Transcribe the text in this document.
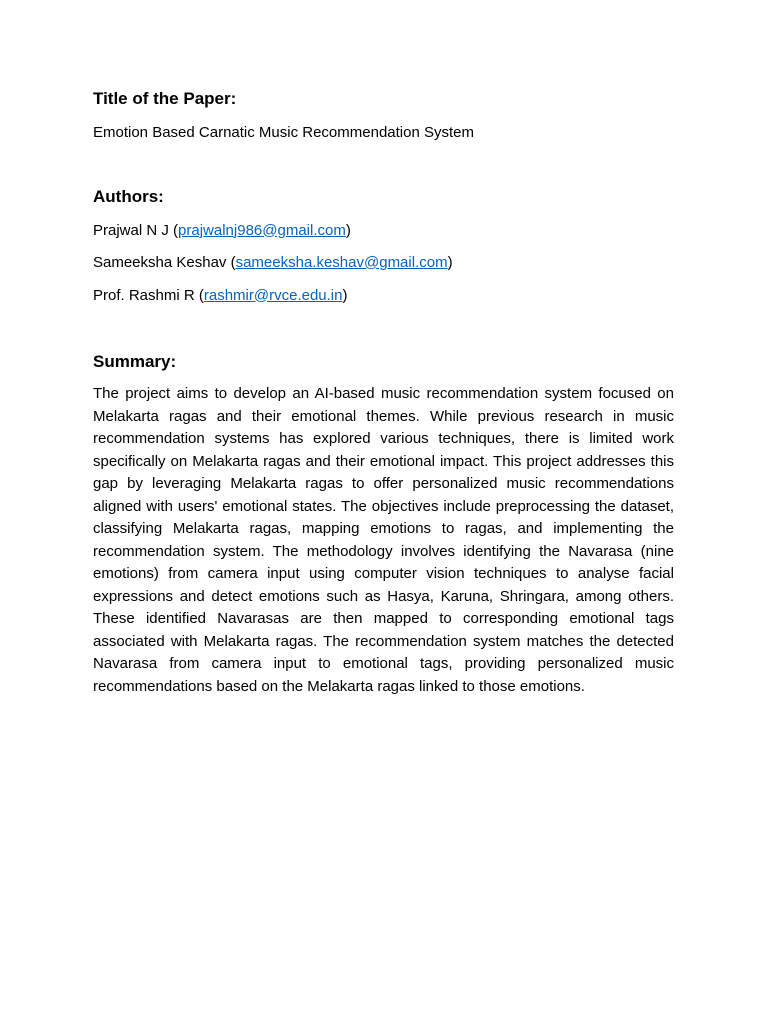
Title of the Paper:

Emotion Based Carnatic Music Recommendation System

Authors:

Prajwal N J (prajwalnj986@gmail.com)

Sameeksha Keshav (sameeksha.keshav@gmail.com)

Prof. Rashmi R (rashmir@rvce.edu.in)

Summary:

The project aims to develop an AI-based music recommendation system focused on Melakarta ragas and their emotional themes. While previous research in music recommendation systems has explored various techniques, there is limited work specifically on Melakarta ragas and their emotional impact. This project addresses this gap by leveraging Melakarta ragas to offer personalized music recommendations aligned with users' emotional states. The objectives include preprocessing the dataset, classifying Melakarta ragas, mapping emotions to ragas, and implementing the recommendation system. The methodology involves identifying the Navarasa (nine emotions) from camera input using computer vision techniques to analyse facial expressions and detect emotions such as Hasya, Karuna, Shringara, among others. These identified Navarasas are then mapped to corresponding emotional tags associated with Melakarta ragas. The recommendation system matches the detected Navarasa from camera input to emotional tags, providing personalized music recommendations based on the Melakarta ragas linked to those emotions.
